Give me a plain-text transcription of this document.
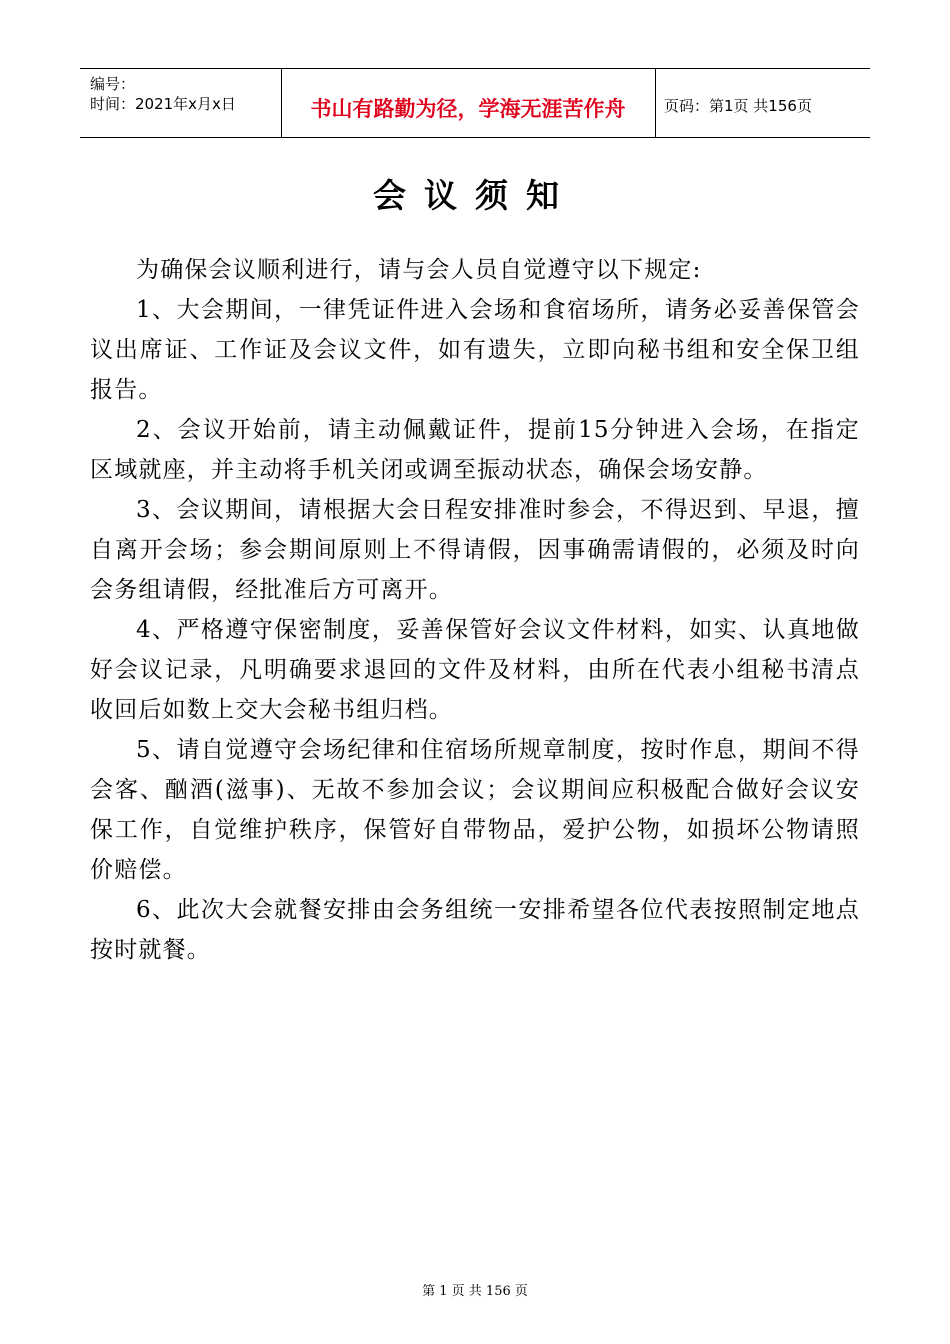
编号：
时间：2021年x月x日	书山有路勤为径，学海无涯苦作舟	页码：第1页 共156页
会议须知

为确保会议顺利进行，请与会人员自觉遵守以下规定:

1、大会期间，一律凭证件进入会场和食宿场所，请务必妥善保管会议出席证、工作证及会议文件，如有遗失，立即向秘书组和安全保卫组报告。

2、会议开始前，请主动佩戴证件，提前15分钟进入会场，在指定区域就座，并主动将手机关闭或调至振动状态，确保会场安静。

3、会议期间，请根据大会日程安排准时参会，不得迟到、早退，擅自离开会场；参会期间原则上不得请假，因事确需请假的，必须及时向会务组请假，经批准后方可离开。

4、严格遵守保密制度，妥善保管好会议文件材料，如实、认真地做好会议记录，凡明确要求退回的文件及材料，由所在代表小组秘书清点收回后如数上交大会秘书组归档。

5、请自觉遵守会场纪律和住宿场所规章制度，按时作息，期间不得会客、酗酒(滋事)、无故不参加会议；会议期间应积极配合做好会议安保工作，自觉维护秩序，保管好自带物品，爱护公物，如损坏公物请照价赔偿。

6、此次大会就餐安排由会务组统一安排希望各位代表按照制定地点按时就餐。

第 1 页 共 156 页
